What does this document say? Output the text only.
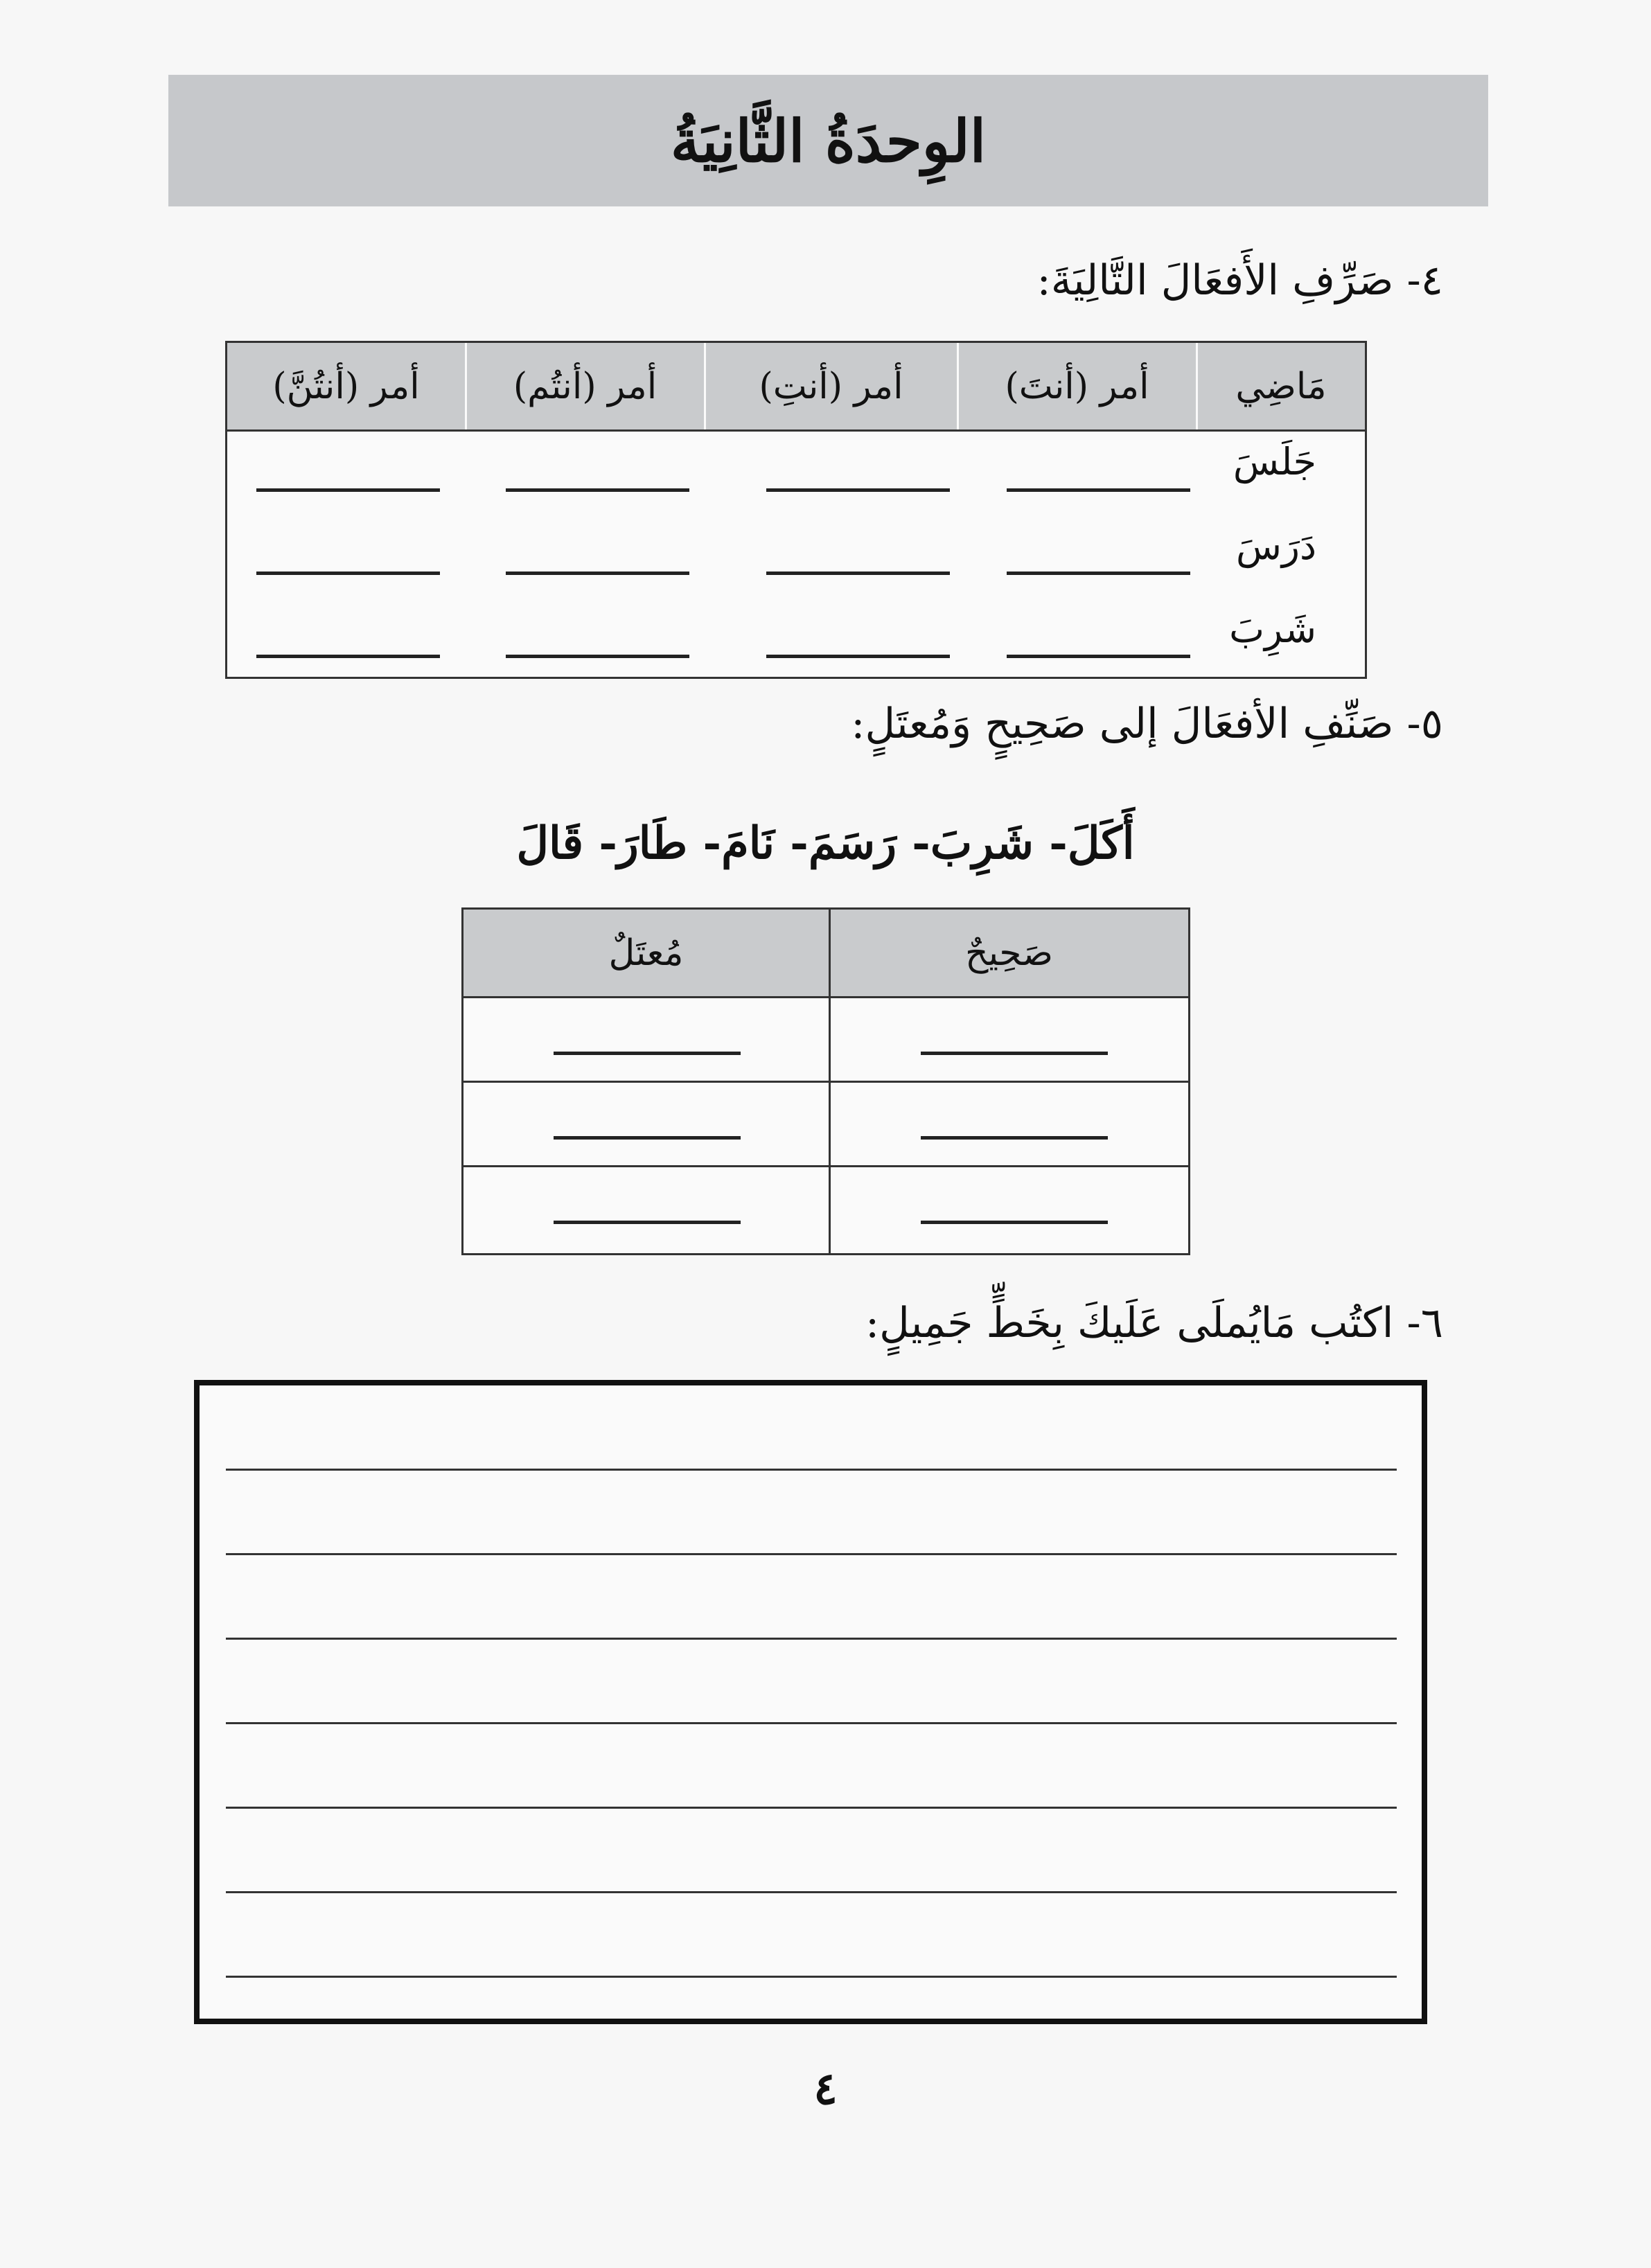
الوِحدَةُ الثَّانِيَةُ
٤- صَرِّفِ الأَفعَالَ التَّالِيَةَ:
مَاضِي
أمر (أنتَ)
أمر (أنتِ)
أمر (أنتُم)
أمر (أنتُنَّ)
جَلَسَ
دَرَسَ
شَرِبَ
٥- صَنِّفِ الأفعَالَ إلى صَحِيحٍ وَمُعتَلٍ:
أَكَلَ- شَرِبَ- رَسَمَ- نَامَ- طَارَ- قَالَ
صَحِيحٌ
مُعتَلٌ
٦- اكتُب مَايُملَى عَلَيكَ بِخَطٍّ جَمِيلٍ:
٤
